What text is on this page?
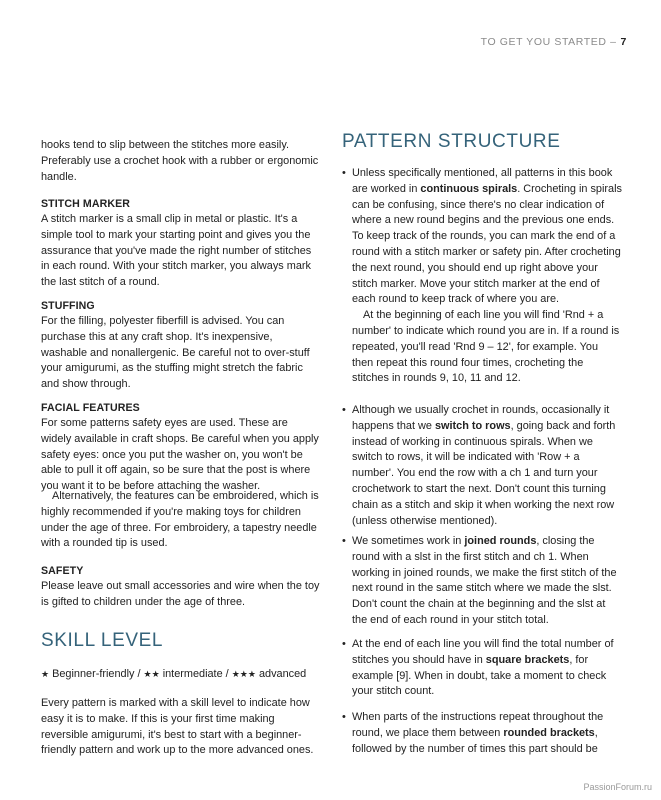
TO GET YOU STARTED – 7

hooks tend to slip between the stitches more easily. Preferably use a crochet hook with a rubber or ergonomic handle.

STITCH MARKER

A stitch marker is a small clip in metal or plastic. It's a simple tool to mark your starting point and gives you the assurance that you've made the right number of stitches in each round. With your stitch marker, you always mark the last stitch of a round.

STUFFING

For the filling, polyester fiberfill is advised. You can purchase this at any craft shop. It's inexpensive, washable and nonallergenic. Be careful not to over-stuff your amigurumi, as the stuffing might stretch the fabric and show through.

FACIAL FEATURES

For some patterns safety eyes are used. These are widely available in craft shops. Be careful when you apply safety eyes: once you put the washer on, you won't be able to pull it off again, so be sure that the post is where you want it to be before attaching the washer.

Alternatively, the features can be embroidered, which is highly recommended if you're making toys for children under the age of three. For embroidery, a tapestry needle with a rounded tip is used.

SAFETY

Please leave out small accessories and wire when the toy is gifted to children under the age of three.

SKILL LEVEL
★ Beginner-friendly / ★★ intermediate / ★★★ advanced

Every pattern is marked with a skill level to indicate how easy it is to make. If this is your first time making reversible amigurumi, it's best to start with a beginner-friendly pattern and work up to the more advanced ones.

PATTERN STRUCTURE
• Unless specifically mentioned, all patterns in this book are worked in continuous spirals. Crocheting in spirals can be confusing, since there's no clear indication of where a new round begins and the previous one ends. To keep track of the rounds, you can mark the end of a round with a stitch marker or safety pin. After crocheting the next round, you should end up right above your stitch marker. Move your stitch marker at the end of each round to keep track of where you are.

At the beginning of each line you will find 'Rnd + a number' to indicate which round you are in. If a round is repeated, you'll read 'Rnd 9 – 12', for example. You then repeat this round four times, crocheting the stitches in rounds 9, 10, 11 and 12.

• Although we usually crochet in rounds, occasionally it happens that we switch to rows, going back and forth instead of working in continuous spirals. When we switch to rows, it will be indicated with 'Row + a number'. You end the row with a ch 1 and turn your crochetwork to start the next. Don't count this turning chain as a stitch and skip it when working the next row (unless otherwise mentioned).

• We sometimes work in joined rounds, closing the round with a slst in the first stitch and ch 1. When working in joined rounds, we make the first stitch of the next round in the same stitch where we made the slst. Don't count the chain at the beginning and the slst at the end of each round in your stitch total.

• At the end of each line you will find the total number of stitches you should have in square brackets, for example [9]. When in doubt, take a moment to check your stitch count.

• When parts of the instructions repeat throughout the round, we place them between rounded brackets, followed by the number of times this part should be

PassionForum.ru
